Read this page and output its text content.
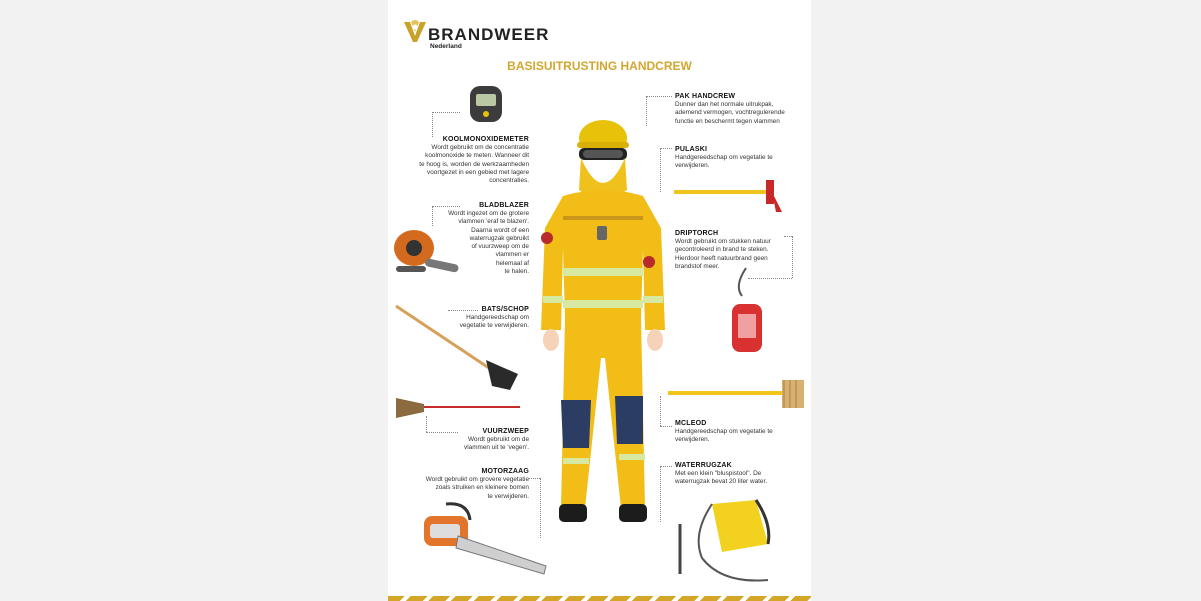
BRANDWEER
Nederland
BASISUITRUSTING HANDCREW
KOOLMONOXIDEMETER
Wordt gebruikt om de concentratie
koolmonoxide te meten. Wanneer dit
te hoog is, worden de werkzaamheden
voortgezet in een gebied met lagere
concentraties.
BLADBLAZER
Wordt ingezet om de grotere
vlammen 'eraf te blazen'.
Daarna wordt of een
waterrugzak gebruikt
of vuurzweep om de
vlammen er
helemaal af
te halen.
BATS/SCHOP
Handgereedschap om
vegetatie te verwijderen.
VUURZWEEP
Wordt gebruikt om de
vlammen uit te 'vegen'.
MOTORZAAG
Wordt gebruikt om grovere vegetatie
zoals struiken en kleinere bomen
te verwijderen.
PAK HANDCREW
Dunner dan het normale uitrukpak,
ademend vermogen, vochtregulerende
functie en beschermt tegen vlammen
PULASKI
Handgereedschap om vegetatie te
verwijderen.
DRIPTORCH
Wordt gebruikt om stukken natuur
gecontroleerd in brand te steken.
Hierdoor heeft natuurbrand geen
brandstof meer.
MCLEOD
Handgereedschap om vegetatie te
verwijderen.
WATERRUGZAK
Met een klein "bluspistool". De
waterrugzak bevat 20 liter water.
